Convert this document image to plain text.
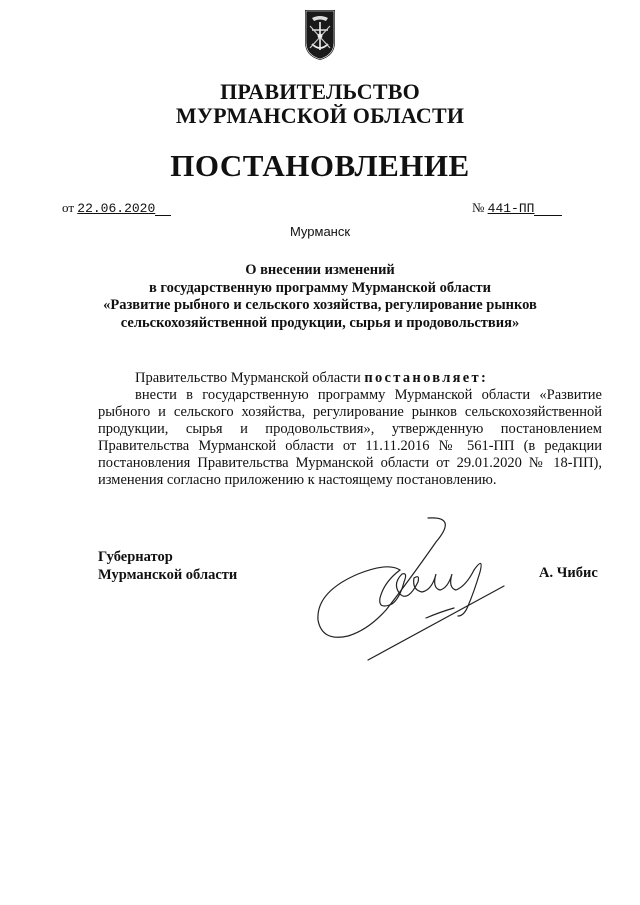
ПРАВИТЕЛЬСТВО
МУРМАНСКОЙ ОБЛАСТИ
ПОСТАНОВЛЕНИЕ
от 22.06.2020	№ 441-ПП
Мурманск
О внесении изменений
в государственную программу Мурманской области
«Развитие рыбного и сельского хозяйства, регулирование рынков
сельскохозяйственной продукции, сырья и продовольствия»
Правительство Мурманской области постановляет:
внести в государственную программу Мурманской области «Развитие рыбного и сельского хозяйства, регулирование рынков сельскохозяйственной продукции, сырья и продовольствия», утвержденную постановлением Правительства Мурманской области от 11.11.2016 № 561-ПП (в редакции постановления Правительства Мурманской области от 29.01.2020 № 18-ПП), изменения согласно приложению к настоящему постановлению.
Губернатор
Мурманской области	А. Чибис
